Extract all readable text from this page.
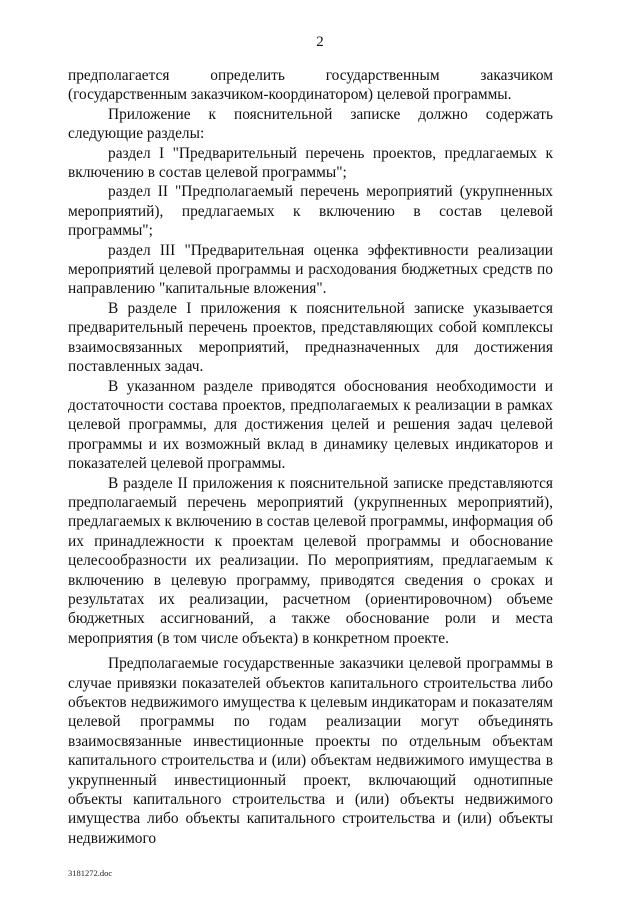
2

предполагается определить государственным заказчиком (государственным заказчиком-координатором) целевой программы.

Приложение к пояснительной записке должно содержать следующие разделы:

раздел I "Предварительный перечень проектов, предлагаемых к включению в состав целевой программы";

раздел II "Предполагаемый перечень мероприятий (укрупненных мероприятий), предлагаемых к включению в состав целевой программы";

раздел III "Предварительная оценка эффективности реализации мероприятий целевой программы и расходования бюджетных средств по направлению "капитальные вложения".

В разделе I приложения к пояснительной записке указывается предварительный перечень проектов, представляющих собой комплексы взаимосвязанных мероприятий, предназначенных для достижения поставленных задач.

В указанном разделе приводятся обоснования необходимости и достаточности состава проектов, предполагаемых к реализации в рамках целевой программы, для достижения целей и решения задач целевой программы и их возможный вклад в динамику целевых индикаторов и показателей целевой программы.

В разделе II приложения к пояснительной записке представляются предполагаемый перечень мероприятий (укрупненных мероприятий), предлагаемых к включению в состав целевой программы, информация об их принадлежности к проектам целевой программы и обоснование целесообразности их реализации. По мероприятиям, предлагаемым к включению в целевую программу, приводятся сведения о сроках и результатах их реализации, расчетном (ориентировочном) объеме бюджетных ассигнований, а также обоснование роли и места мероприятия (в том числе объекта) в конкретном проекте.

Предполагаемые государственные заказчики целевой программы в случае привязки показателей объектов капитального строительства либо объектов недвижимого имущества к целевым индикаторам и показателям целевой программы по годам реализации могут объединять взаимосвязанные инвестиционные проекты по отдельным объектам капитального строительства и (или) объектам недвижимого имущества в укрупненный инвестиционный проект, включающий однотипные объекты капитального строительства и (или) объекты недвижимого имущества либо объекты капитального строительства и (или) объекты недвижимого

3181272.doc
